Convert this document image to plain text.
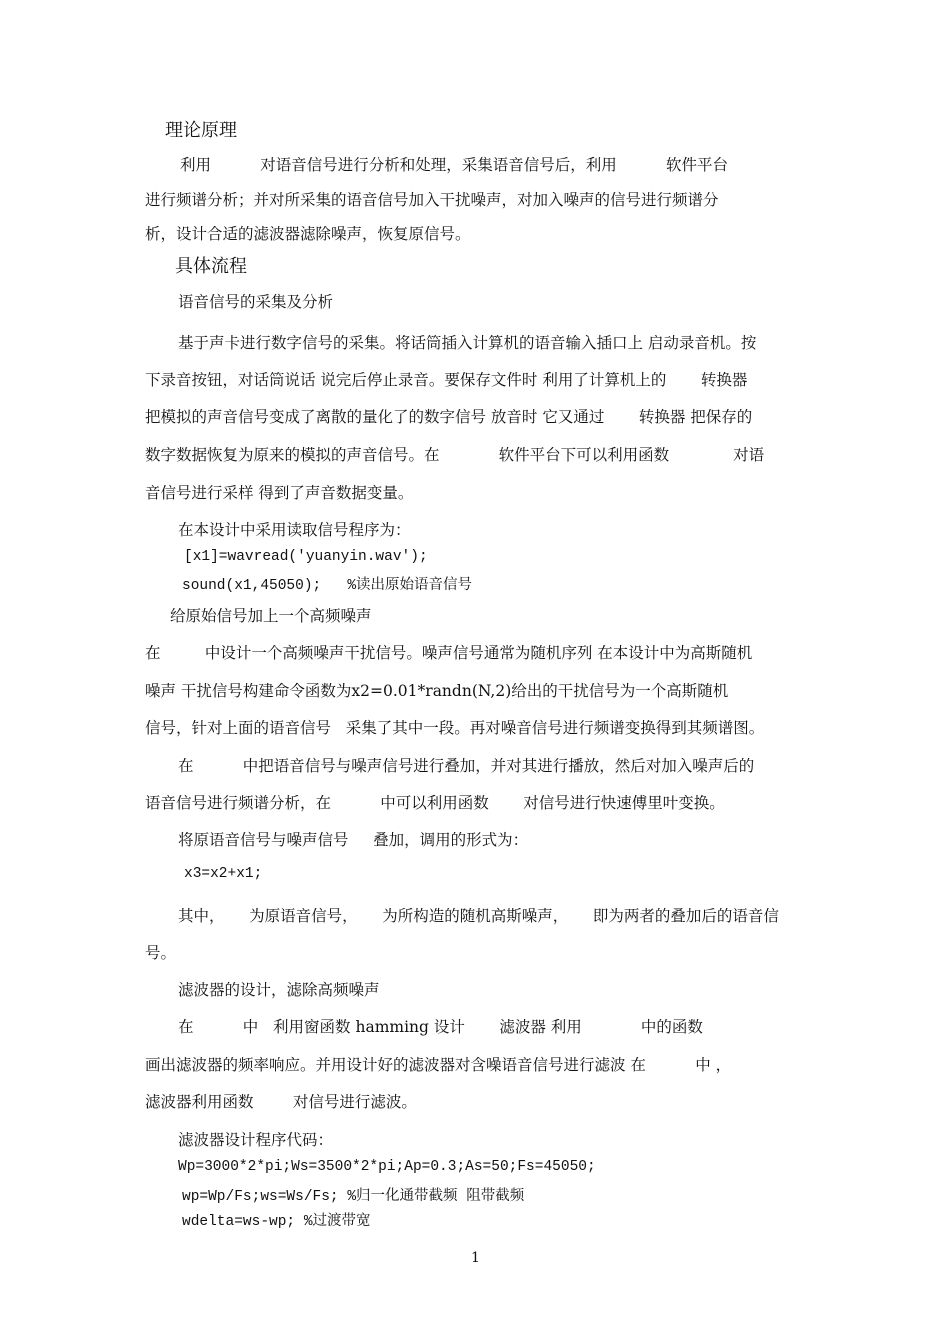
理论原理

利用          对语音信号进行分析和处理，采集语音信号后，利用          软件平台

进行频谱分析；并对所采集的语音信号加入干扰噪声，对加入噪声的信号进行频谱分

析，设计合适的滤波器滤除噪声，恢复原信号。

具体流程

语音信号的采集及分析

基于声卡进行数字信号的采集。将话筒插入计算机的语音输入插口上 启动录音机。按

下录音按钮，对话筒说话 说完后停止录音。要保存文件时 利用了计算机上的       转换器

把模拟的声音信号变成了离散的量化了的数字信号 放音时 它又通过       转换器 把保存的

数字数据恢复为原来的模拟的声音信号。在            软件平台下可以利用函数             对语

音信号进行采样 得到了声音数据变量。

在本设计中采用读取信号程序为：

[x1]=wavread('yuanyin.wav');

sound(x1,45050);   %读出原始语音信号

给原始信号加上一个高频噪声

在         中设计一个高频噪声干扰信号。噪声信号通常为随机序列 在本设计中为高斯随机

噪声 干扰信号构建命令函数为x2=0.01*randn(N,2)给出的干扰信号为一个高斯随机

信号，针对上面的语音信号   采集了其中一段。再对噪音信号进行频谱变换得到其频谱图。

在          中把语音信号与噪声信号进行叠加，并对其进行播放，然后对加入噪声后的

语音信号进行频谱分析，在          中可以利用函数       对信号进行快速傅里叶变换。

将原语音信号与噪声信号     叠加，调用的形式为：

x3=x2+x1;

其中，     为原语音信号，     为所构造的随机高斯噪声，     即为两者的叠加后的语音信

号。

滤波器的设计，滤除高频噪声

在          中   利用窗函数 hamming 设计       滤波器 利用            中的函数

画出滤波器的频率响应。并用设计好的滤波器对含噪语音信号进行滤波 在          中 ，

滤波器利用函数        对信号进行滤波。

滤波器设计程序代码：

Wp=3000*2*pi;Ws=3500*2*pi;Ap=0.3;As=50;Fs=45050;

wp=Wp/Fs;ws=Ws/Fs; %归一化通带截频 阻带截频

wdelta=ws-wp; %过渡带宽

1
